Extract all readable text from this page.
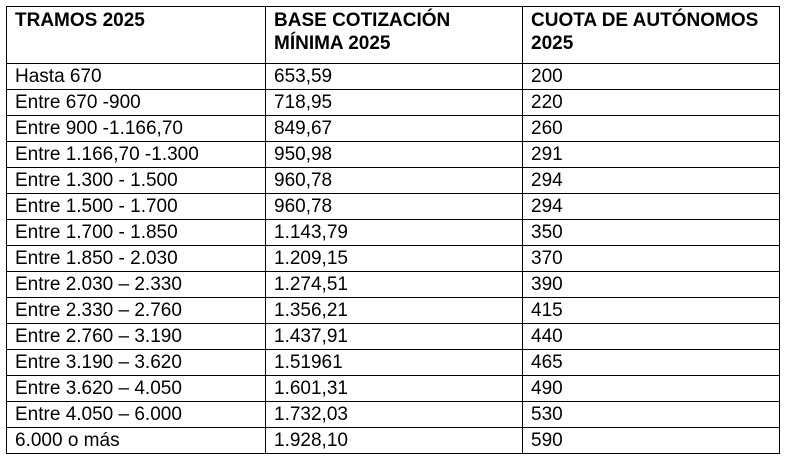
TRAMOS 2025	BASE COTIZACIÓN MÍNIMA 2025	CUOTA DE AUTÓNOMOS 2025
Hasta 670	653,59	200
Entre 670 -900	718,95	220
Entre 900 -1.166,70	849,67	260
Entre 1.166,70 -1.300	950,98	291
Entre 1.300 - 1.500	960,78	294
Entre 1.500 - 1.700	960,78	294
Entre 1.700 - 1.850	1.143,79	350
Entre 1.850 - 2.030	1.209,15	370
Entre 2.030 – 2.330	1.274,51	390
Entre 2.330 – 2.760	1.356,21	415
Entre 2.760 – 3.190	1.437,91	440
Entre 3.190 – 3.620	1.51961	465
Entre 3.620 – 4.050	1.601,31	490
Entre 4.050 – 6.000	1.732,03	530
6.000 o más	1.928,10	590
